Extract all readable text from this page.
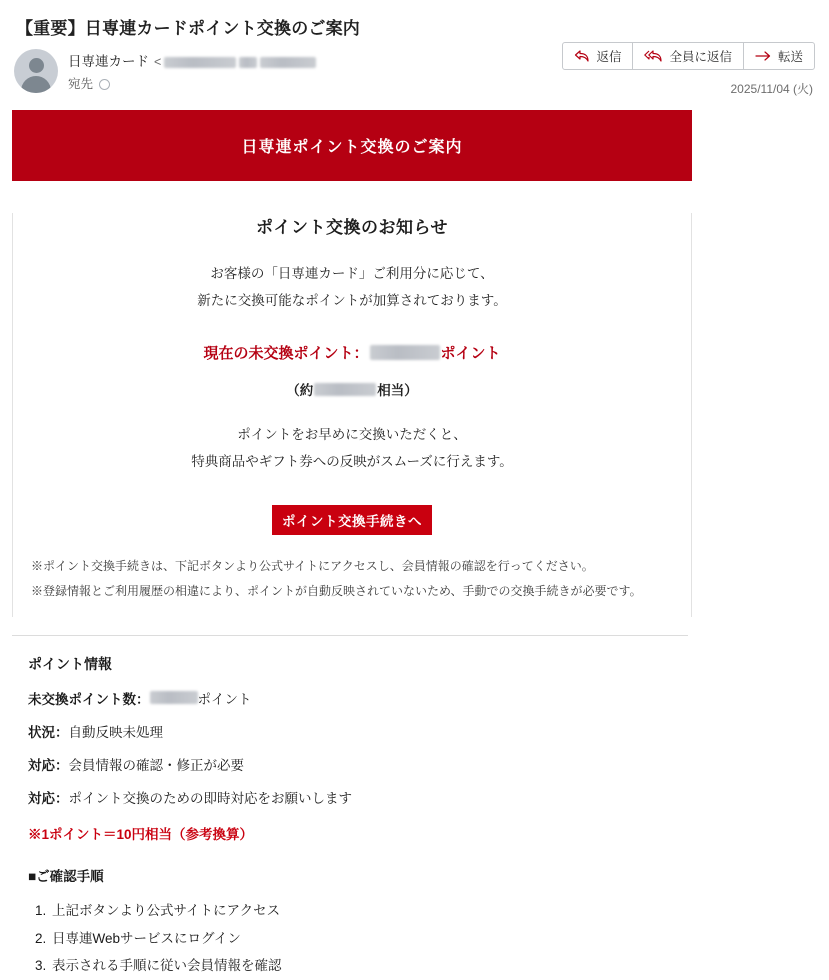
【重要】日専連カードポイント交換のご案内
日専連カード <
宛先
返信	全員に返信	転送
2025/11/04 (火)
日専連ポイント交換のご案内
ポイント交換のお知らせ
お客様の「日専連カード」ご利用分に応じて、
新たに交換可能なポイントが加算されております。
現在の未交換ポイント：	ポイント
（約	相当）
ポイントをお早めに交換いただくと、
特典商品やギフト券への反映がスムーズに行えます。
ポイント交換手続きへ
※ポイント交換手続きは、下記ボタンより公式サイトにアクセスし、会員情報の確認を行ってください。
※登録情報とご利用履歴の相違により、ポイントが自動反映されていないため、手動での交換手続きが必要です。
ポイント情報
未交換ポイント数：	ポイント
状況： 自動反映未処理
対応： 会員情報の確認・修正が必要
対応： ポイント交換のための即時対応をお願いします
※1ポイント＝10円相当（参考換算）
■ご確認手順
1. 上記ボタンより公式サイトにアクセス
2. 日専連Webサービスにログイン
3. 表示される手順に従い会員情報を確認
